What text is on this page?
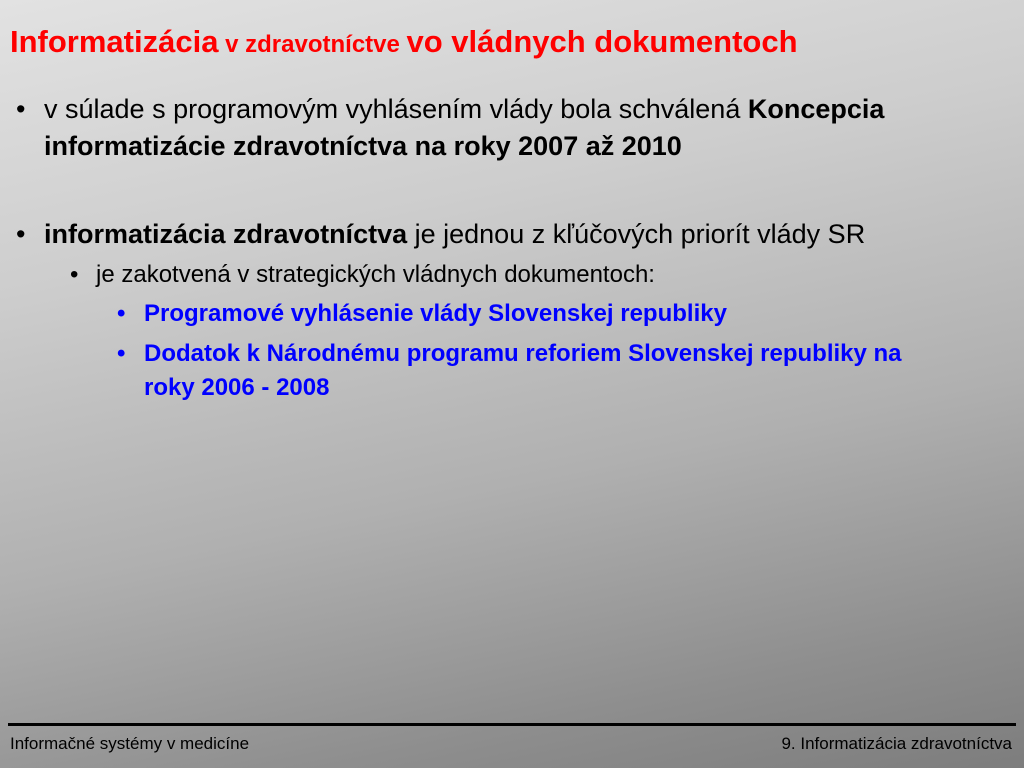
Informatizácia v zdravotníctve vo vládnych dokumentoch
• v súlade s programovým vyhlásením vlády bola schválená Koncepcia informatizácie zdravotníctva na roky 2007 až 2010
• informatizácia zdravotníctva je jednou z kľúčových priorít vlády SR
• je zakotvená v strategických vládnych dokumentoch:
• Programové vyhlásenie vlády Slovenskej republiky
• Dodatok k Národnému programu reforiem Slovenskej republiky na roky 2006 - 2008
Informačné systémy v medicíne	9. Informatizácia zdravotníctva
